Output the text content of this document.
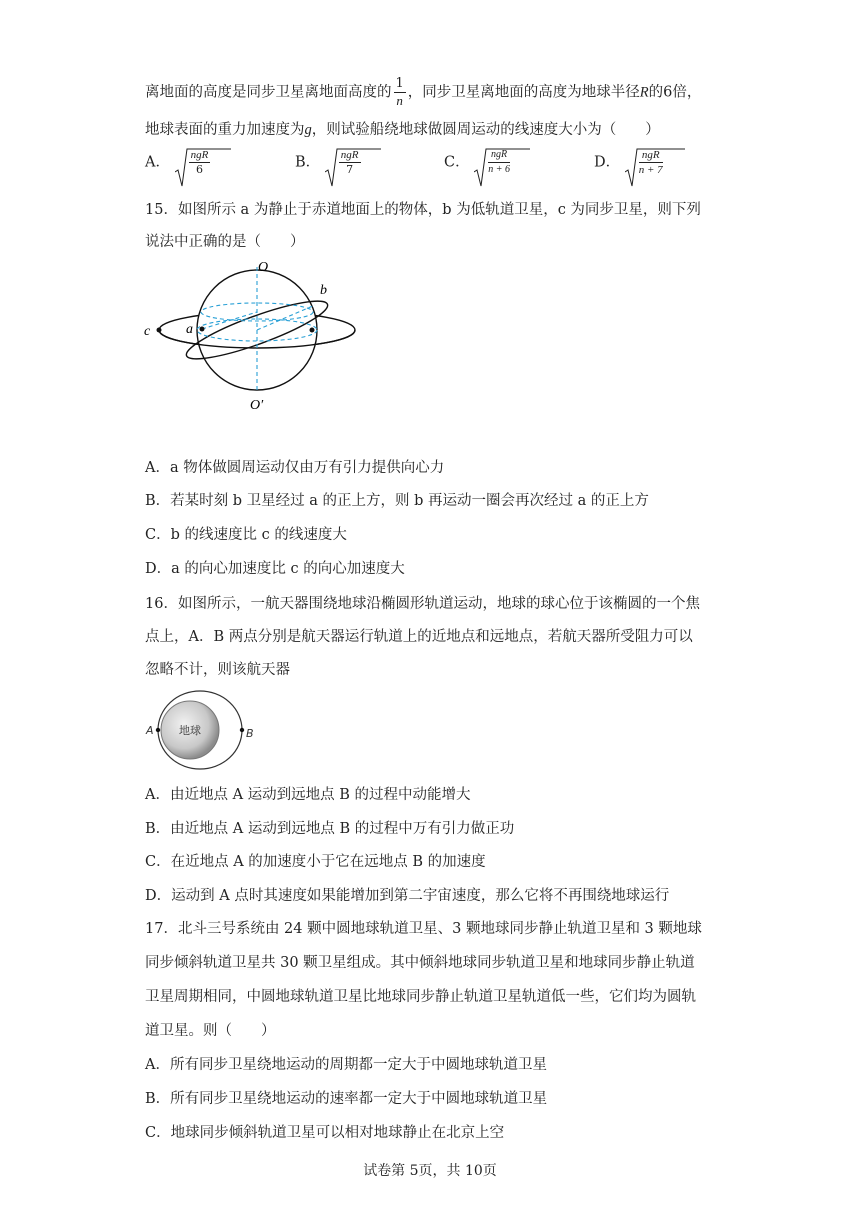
离地面的高度是同步卫星离地面高度的 $\frac{1}{n}$ ，同步卫星离地面的高度为地球半径R的6倍，
地球表面的重力加速度为g，则试验船绕地球做圆周运动的线速度大小为（　　）
A． $\frac{\text{ngR}}{6}$	B． $\frac{\text{ngR}}{7}$	C． $\frac{\text{ngR}}{n + 6}$	D． $\frac{\text{ngR}}{n + 7}$
15．如图所示 a 为静止于赤道地面上的物体，b 为低轨道卫星，c 为同步卫星，则下列
说法中正确的是（　　）
O
O′
a
b
c
A．a 物体做圆周运动仅由万有引力提供向心力
B．若某时刻 b 卫星经过 a 的正上方，则 b 再运动一圈会再次经过 a 的正上方
C．b 的线速度比 c 的线速度大
D．a 的向心加速度比 c 的向心加速度大
16．如图所示，一航天器围绕地球沿椭圆形轨道运动，地球的球心位于该椭圆的一个焦
点上，A．B 两点分别是航天器运行轨道上的近地点和远地点，若航天器所受阻力可以
忽略不计，则该航天器
地球
A	B
A．由近地点 A 运动到远地点 B 的过程中动能增大
B．由近地点 A 运动到远地点 B 的过程中万有引力做正功
C．在近地点 A 的加速度小于它在远地点 B 的加速度
D．运动到 A 点时其速度如果能增加到第二宇宙速度，那么它将不再围绕地球运行
17．北斗三号系统由 24 颗中圆地球轨道卫星、3 颗地球同步静止轨道卫星和 3 颗地球
同步倾斜轨道卫星共 30 颗卫星组成。其中倾斜地球同步轨道卫星和地球同步静止轨道
卫星周期相同，中圆地球轨道卫星比地球同步静止轨道卫星轨道低一些，它们均为圆轨
道卫星。则（　　）
A．所有同步卫星绕地运动的周期都一定大于中圆地球轨道卫星
B．所有同步卫星绕地运动的速率都一定大于中圆地球轨道卫星
C．地球同步倾斜轨道卫星可以相对地球静止在北京上空
试卷第 5页，共 10页
